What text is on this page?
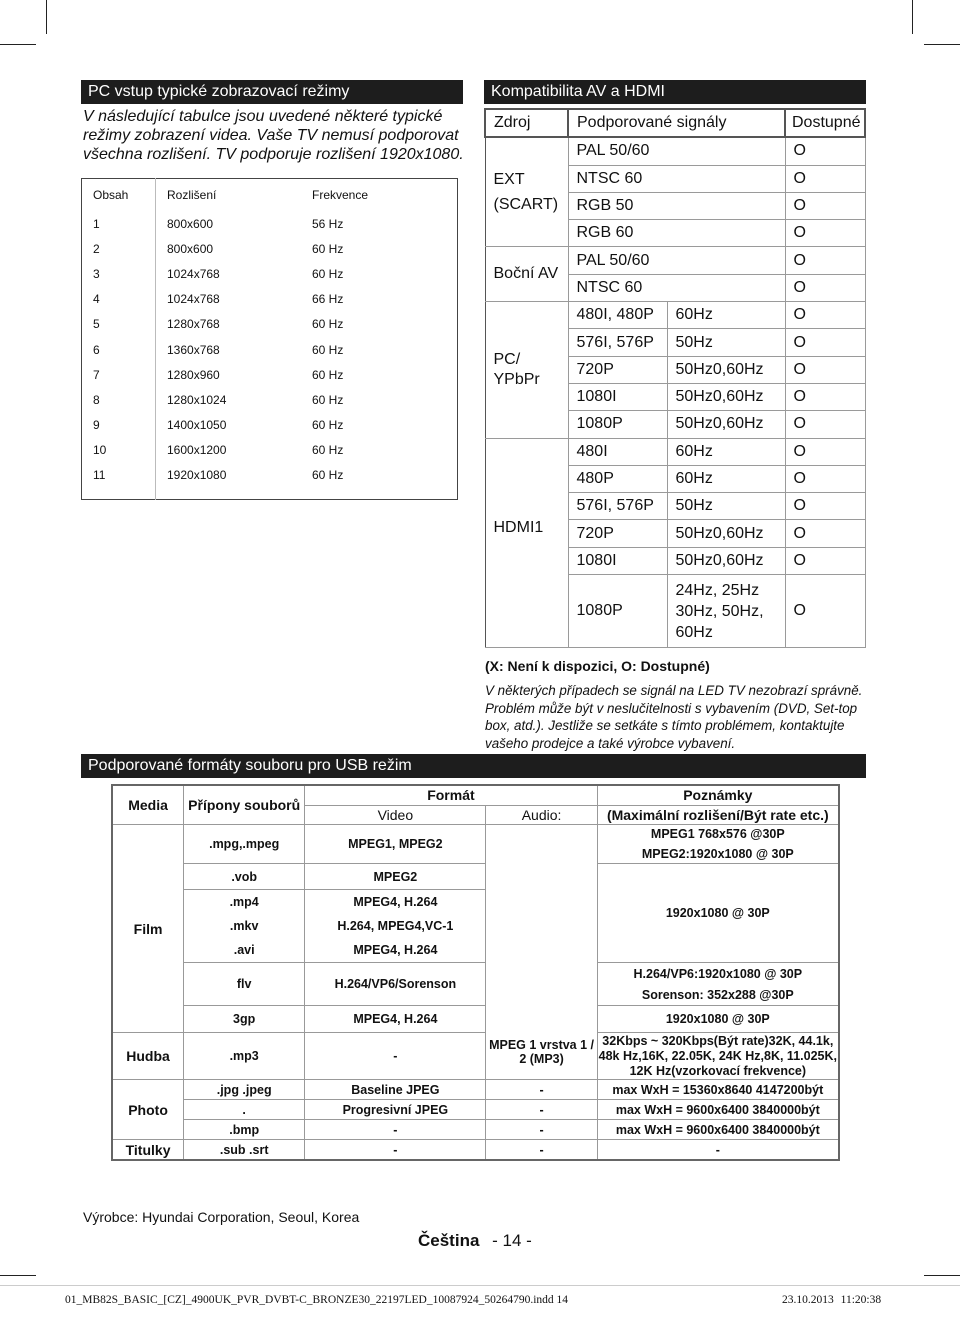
PC vstup typické zobrazovací režimy
V následující tabulce jsou uvedené některé typické režimy zobrazení videa. Vaše TV nemusí podporovat všechna rozlišení. TV podporuje rozlišení 1920x1080.
Obsah	Rozlišení	Frekvence
1	800x600	56 Hz
2	800x600	60 Hz
3	1024x768	60 Hz
4	1024x768	66 Hz
5	1280x768	60 Hz
6	1360x768	60 Hz
7	1280x960	60 Hz
8	1280x1024	60 Hz
9	1400x1050	60 Hz
10	1600x1200	60 Hz
11	1920x1080	60 Hz

Kompatibilita AV a HDMI
Zdroj	Podporované signály		Dostupné
EXT (SCART)	PAL 50/60		O
	NTSC 60		O
	RGB 50		O
	RGB 60		O
Boční AV	PAL 50/60		O
	NTSC 60		O
PC/ YPbPr	480I, 480P	60Hz	O
	576I, 576P	50Hz	O
	720P	50Hz0,60Hz	O
	1080I	50Hz0,60Hz	O
	1080P	50Hz0,60Hz	O
HDMI1	480I	60Hz	O
	480P	60Hz	O
	576I, 576P	50Hz	O
	720P	50Hz0,60Hz	O
	1080I	50Hz0,60Hz	O
	1080P	24Hz, 25Hz 30Hz, 50Hz, 60Hz	O
(X: Není k dispozici, O: Dostupné)
V některých případech se signál na LED TV nezobrazí správně. Problém může být v neslučitelnosti s vybavením (DVD, Set-top box, atd.). Jestliže se setkáte s tímto problémem, kontaktujte vašeho prodejce a také výrobce vybavení.
Podporované formáty souboru pro USB režim
Media	Přípony souborů	Formát		Poznámky
		Video	Audio:	(Maximální rozlišení/Být rate etc.)
Film	.mpg,.mpeg	MPEG1, MPEG2	MPEG 1 vrstva 1 / 2 (MP3)	MPEG1 768x576 @30P
MPEG2:1920x1080 @ 30P

	.vob	MPEG2		1920x1080 @ 30P
	.mp4	MPEG4, H.264		
	.mkv	H.264, MPEG4,VC-1		
	.avi	MPEG4, H.264		
	flv	H.264/VP6/Sorenson		H.264/VP6:1920x1080 @ 30P
Sorenson: 352x288 @30P

	3gp	MPEG4, H.264		1920x1080 @ 30P
Hudba	.mp3	-		32Kbps ~ 320Kbps(Být rate)32K, 44.1k, 48k Hz,16K, 22.05K, 24K Hz,8K, 11.025K, 12K Hz(vzorkovací frekvence)
Photo	.jpg .jpeg	Baseline JPEG	-	max WxH = 15360x8640 4147200být
	.	Progresivní JPEG	-	max WxH = 9600x6400 3840000být
	.bmp	-	-	max WxH = 9600x6400 3840000být
Titulky	.sub .srt	-	-	-
Výrobce: Hyundai Corporation, Seoul, Korea
Čeština - 14 -
01_MB82S_BASIC_[CZ]_4900UK_PVR_DVBT-C_BRONZE30_22197LED_10087924_50264790.indd 14	23.10.2013 11:20:38
